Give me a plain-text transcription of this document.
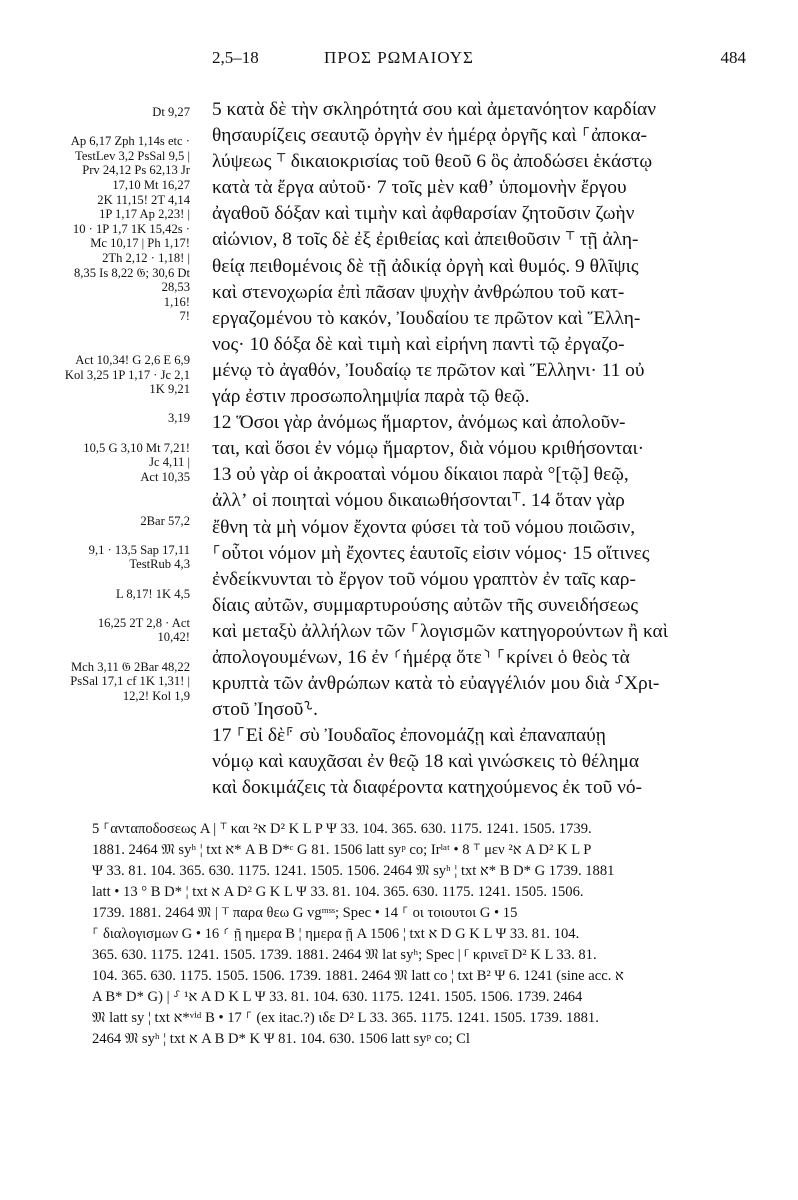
2,5–18	ΠΡΟΣ ΡΩΜΑΙΟΥΣ	484
Dt 9,27

Ap 6,17 Zph 1,14s etc ·
TestLev 3,2 PsSal 9,5 |
Prv 24,12 Ps 62,13 Jr
17,10 Mt 16,27
2K 11,15! 2T 4,14
1P 1,17 Ap 2,23! |
10 · 1P 1,7 1K 15,42s ·
Mc 10,17 | Ph 1,17!
2Th 2,12 · 1,18! |
8,35 Is 8,22 𝔊; 30,6 Dt
28,53
1,16!
7!

Act 10,34! G 2,6 E 6,9
Kol 3,25 1P 1,17 · Jc 2,1
1K 9,21

3,19

10,5 G 3,10 Mt 7,21!
Jc 4,11 |
Act 10,35

2Bar 57,2

9,1 · 13,5 Sap 17,11
TestRub 4,3

L 8,17! 1K 4,5

16,25 2T 2,8 · Act
10,42!

Mch 3,11 𝔊 2Bar 48,22
PsSal 17,1 cf 1K 1,31! |
12,2! Kol 1,9
5 κατὰ δὲ τὴν σκληρότητά σου καὶ ἀμετανόητον καρδίαν
θησαυρίζεις σεαυτῷ ὀργὴν ἐν ἡμέρᾳ ὀργῆς καὶ ⸀ἀποκα-
λύψεως ⸆ δικαιοκρισίας τοῦ θεοῦ 6 ὃς ἀποδώσει ἑκάστῳ
κατὰ τὰ ἔργα αὐτοῦ· 7 τοῖς μὲν καθʼ ὑπομονὴν ἔργου
ἀγαθοῦ δόξαν καὶ τιμὴν καὶ ἀφθαρσίαν ζητοῦσιν ζωὴν
αἰώνιον, 8 τοῖς δὲ ἐξ ἐριθείας καὶ ἀπειθοῦσιν ⸆ τῇ ἀλη-
θείᾳ πειθομένοις δὲ τῇ ἀδικίᾳ ὀργὴ καὶ θυμός. 9 θλῖψις
καὶ στενοχωρία ἐπὶ πᾶσαν ψυχὴν ἀνθρώπου τοῦ κατ-
εργαζομένου τὸ κακόν, Ἰουδαίου τε πρῶτον καὶ Ἕλλη-
νος· 10 δόξα δὲ καὶ τιμὴ καὶ εἰρήνη παντὶ τῷ ἐργαζο-
μένῳ τὸ ἀγαθόν, Ἰουδαίῳ τε πρῶτον καὶ Ἕλληνι· 11 οὐ
γάρ ἐστιν προσωπολημψία παρὰ τῷ θεῷ.
12 Ὅσοι γὰρ ἀνόμως ἥμαρτον, ἀνόμως καὶ ἀπολοῦν-
ται, καὶ ὅσοι ἐν νόμῳ ἥμαρτον, διὰ νόμου κριθήσονται·
13 οὐ γὰρ οἱ ἀκροαταὶ νόμου δίκαιοι παρὰ °[τῷ] θεῷ,
ἀλλʼ οἱ ποιηταὶ νόμου δικαιωθήσονται⸆. 14 ὅταν γὰρ
ἔθνη τὰ μὴ νόμον ἔχοντα φύσει τὰ τοῦ νόμου ποιῶσιν,
⸀οὗτοι νόμον μὴ ἔχοντες ἑαυτοῖς εἰσιν νόμος· 15 οἵτινες
ἐνδείκνυνται τὸ ἔργον τοῦ νόμου γραπτὸν ἐν ταῖς καρ-
δίαις αὐτῶν, συμμαρτυρούσης αὐτῶν τῆς συνειδήσεως
καὶ μεταξὺ ἀλλήλων τῶν ⸀λογισμῶν κατηγορούντων ἢ καὶ
ἀπολογουμένων, 16 ἐν ⸂ἡμέρᾳ ὅτε⸃ ⸀κρίνει ὁ θεὸς τὰ
κρυπτὰ τῶν ἀνθρώπων κατὰ τὸ εὐαγγέλιόν μου διὰ ⸉Χρι-
στοῦ Ἰησοῦ⸊.
17 ⸀Εἰ δὲ⸁ σὺ Ἰουδαῖος ἐπονομάζῃ καὶ ἐπαναπαύῃ
νόμῳ καὶ καυχᾶσαι ἐν θεῷ 18 καὶ γινώσκεις τὸ θέλημα
καὶ δοκιμάζεις τὰ διαφέροντα κατηχούμενος ἐκ τοῦ νό-
5 ⸀ανταποδοσεως A | ⸆ και א² D² K L P Ψ 33. 104. 365. 630. 1175. 1241. 1505. 1739.
1881. 2464 𝔐 syʰ ¦ txt א* A B D*ᶜ G 81. 1506 latt syᵖ co; Irˡᵃᵗ • 8 ⸆ μεν א² A D² K L P
Ψ 33. 81. 104. 365. 630. 1175. 1241. 1505. 1506. 2464 𝔐 syʰ ¦ txt א* B D* G 1739. 1881
latt • 13 ° B D* ¦ txt א A D² G K L Ψ 33. 81. 104. 365. 630. 1175. 1241. 1505. 1506.
1739. 1881. 2464 𝔐 | ⸆ παρα θεω G vgᵐˢˢ; Spec • 14 ⸀ οι τοιουτοι G • 15
⸀ διαλογισμων G • 16 ⸂ ῇ ημερα B ¦ ημερα ῇ A 1506 ¦ txt א D G K L Ψ 33. 81. 104.
365. 630. 1175. 1241. 1505. 1739. 1881. 2464 𝔐 lat syʰ; Spec | ⸀ κρινεῖ D² K L 33. 81.
104. 365. 630. 1175. 1505. 1506. 1739. 1881. 2464 𝔐 latt co ¦ txt B² Ψ 6. 1241 (sine acc. א
A B* D* G) | ⸉ א¹ A D K L Ψ 33. 81. 104. 630. 1175. 1241. 1505. 1506. 1739. 2464
𝔐 latt sy ¦ txt א*ᵛⁱᵈ B • 17 ⸀ (ex itac.?) ιδε D² L 33. 365. 1175. 1241. 1505. 1739. 1881.
2464 𝔐 syʰ ¦ txt א A B D* K Ψ 81. 104. 630. 1506 latt syᵖ co; Cl
